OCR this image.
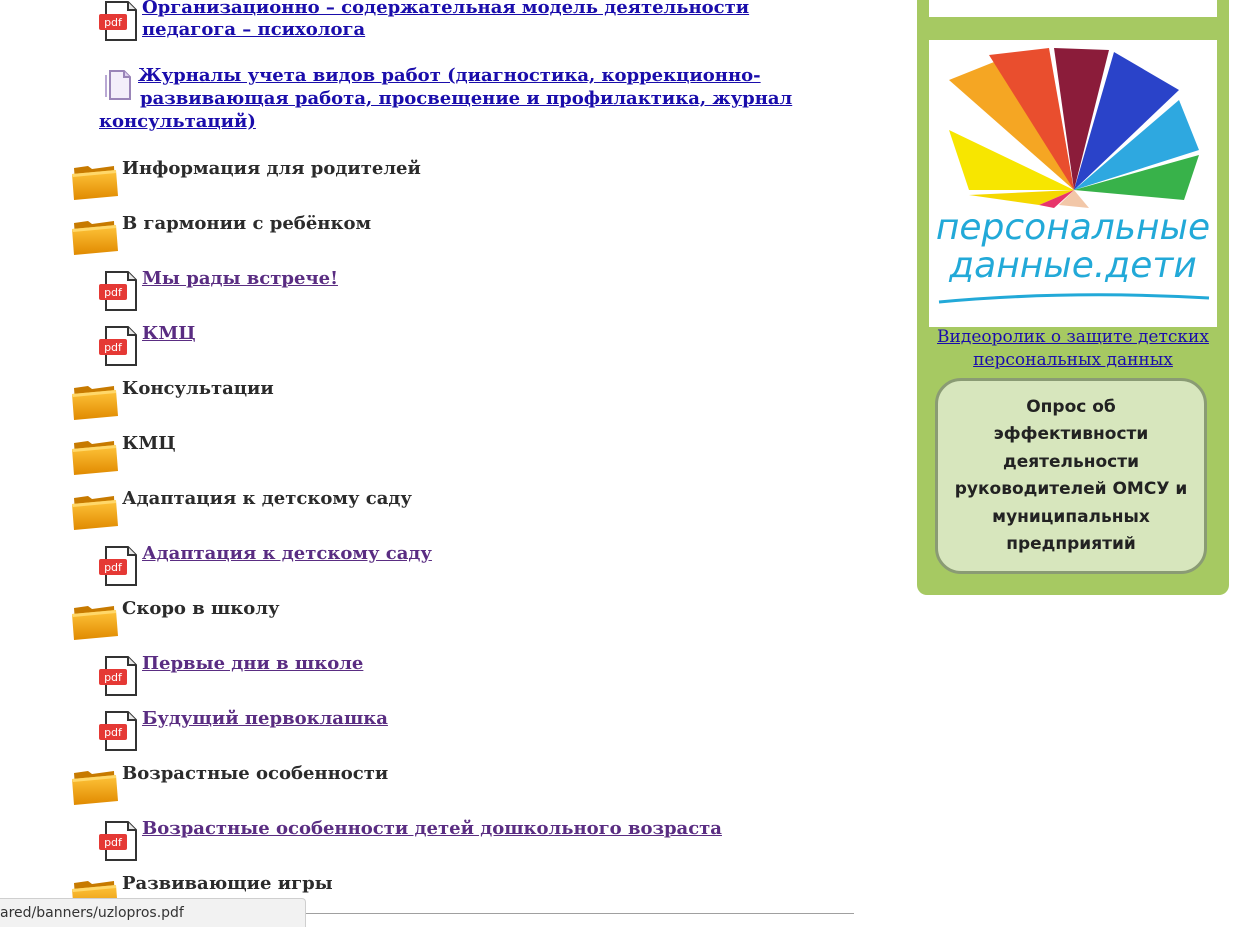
Организационно – содержательная модель деятельности
педагога – психолога
Журналы учета видов работ (диагностика, коррекционно-
развивающая работа, просвещение и профилактика, журнал
консультаций)
Информация для родителей
В гармонии с ребёнком
Мы рады встрече!
КМЦ
Консультации
КМЦ
Адаптация к детскому саду
Адаптация к детскому саду
Скоро в школу
Первые дни в школе
Будущий первоклашка
Возрастные особенности
Возрастные особенности детей дошкольного возраста
Развивающие игры
персональные
данные.дети
Видеоролик о защите детских
персональных данных
Опрос об
эффективности
деятельности
руководителей ОМСУ и
муниципальных
предприятий
ared/banners/uzlopros.pdf
